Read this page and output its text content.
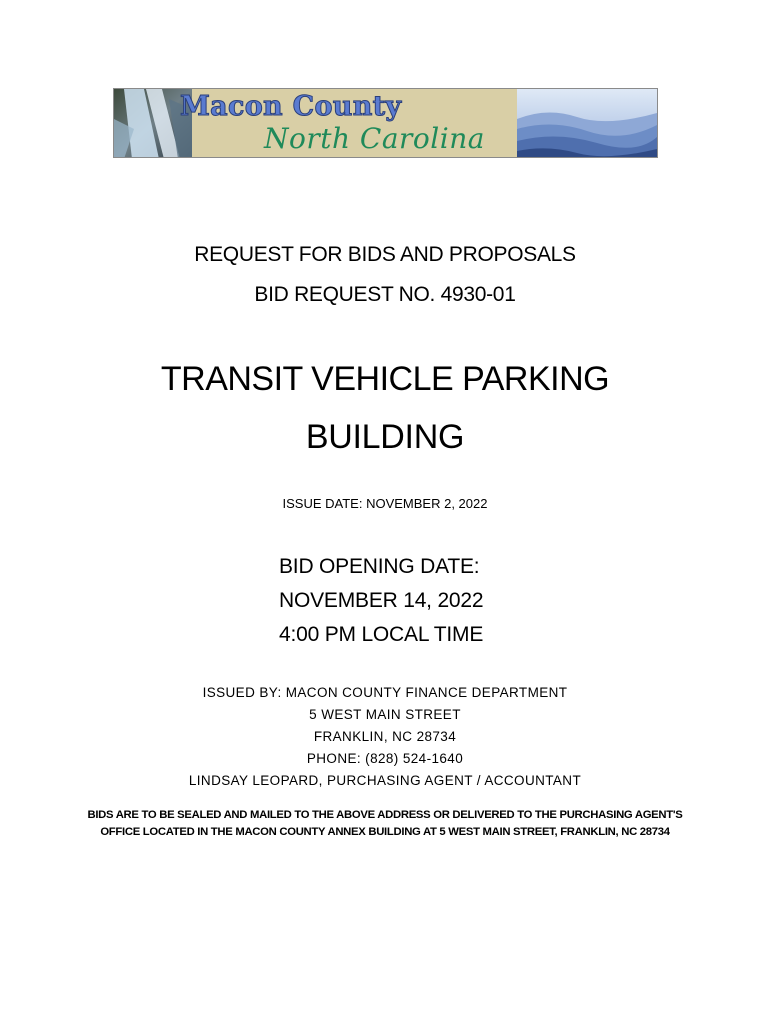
Macon County
North Carolina
REQUEST FOR BIDS AND PROPOSALS
BID REQUEST NO. 4930-01
TRANSIT VEHICLE PARKING
BUILDING
ISSUE DATE: NOVEMBER 2, 2022
BID OPENING DATE:
NOVEMBER 14, 2022
4:00 PM LOCAL TIME
ISSUED BY: MACON COUNTY FINANCE DEPARTMENT
5 WEST MAIN STREET
FRANKLIN, NC 28734
PHONE: (828) 524-1640
LINDSAY LEOPARD, PURCHASING AGENT / ACCOUNTANT
BIDS ARE TO BE SEALED AND MAILED TO THE ABOVE ADDRESS OR DELIVERED TO THE PURCHASING AGENT'S
OFFICE LOCATED IN THE MACON COUNTY ANNEX BUILDING AT 5 WEST MAIN STREET, FRANKLIN, NC 28734
